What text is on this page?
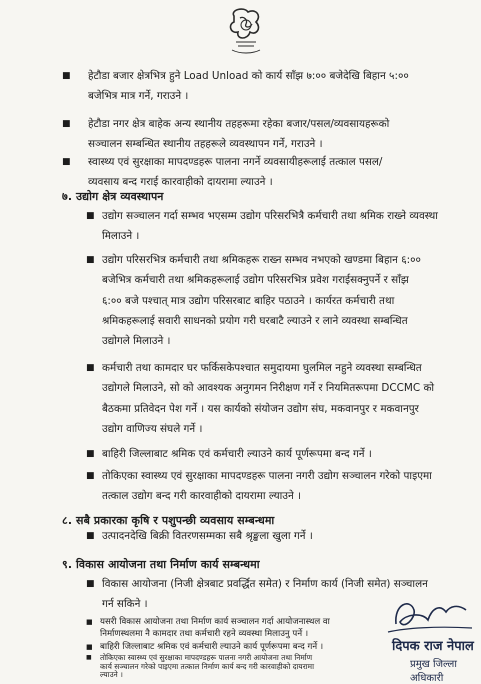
■ हेटौडा बजार क्षेत्रभित्र हुने Load Unload को कार्य साँझ ७:०० बजेदेखि बिहान ५:००
बजेभित्र मात्र गर्ने, गराउने ।
■ हेटौडा नगर क्षेत्र बाहेक अन्य स्थानीय तहहरूमा रहेका बजार/पसल/व्यवसायहरूको
सञ्चालन सम्बन्धित स्थानीय तहहरूले व्यवस्थापन गर्ने, गराउने ।
■ स्वास्थ्य एवं सुरक्षाका मापदण्डहरू पालना नगर्ने व्यवसायीहरूलाई तत्काल पसल/
व्यवसाय बन्द गराई कारवाहीको दायरामा ल्याउने ।
७. उद्योग क्षेत्र व्यवस्थापन
■ उद्योग सञ्चालन गर्दा सम्भव भएसम्म उद्योग परिसरभित्रै कर्मचारी तथा श्रमिक राख्ने व्यवस्था
मिलाउने ।
■ उद्योग परिसरभित्र कर्मचारी तथा श्रमिकहरू राख्न सम्भव नभएको खण्डमा बिहान ६:००
बजेभित्र कर्मचारी तथा श्रमिकहरूलाई उद्योग परिसरभित्र प्रवेश गराईसक्नुपर्ने र साँझ
६:०० बजे पश्चात् मात्र उद्योग परिसरबाट बाहिर पठाउने । कार्यरत कर्मचारी तथा
श्रमिकहरूलाई सवारी साधनको प्रयोग गरी घरबाटै ल्याउने र लाने व्यवस्था सम्बन्धित
उद्योगले मिलाउने ।
■ कर्मचारी तथा कामदार घर फर्किसकेपश्चात समुदायमा घुलमिल नहुने व्यवस्था सम्बन्धित
उद्योगले मिलाउने, सो को आवश्यक अनुगमन निरीक्षण गर्ने र नियमितरूपमा DCCMC को
बैठकमा प्रतिवेदन पेश गर्ने । यस कार्यको संयोजन उद्योग संघ, मकवानपुर र मकवानपुर
उद्योग वाणिज्य संघले गर्ने ।
■ बाहिरी जिल्लाबाट श्रमिक एवं कर्मचारी ल्याउने कार्य पूर्णरूपमा बन्द गर्ने ।
■ तोकिएका स्वास्थ्य एवं सुरक्षाका मापदण्डहरू पालना नगरी उद्योग सञ्चालन गरेको पाइएमा
तत्काल उद्योग बन्द गरी कारवाहीको दायरामा ल्याउने ।
८. सबै प्रकारका कृषि र पशुपन्छी व्यवसाय सम्बन्धमा
■ उत्पादनदेखि बिक्री वितरणसम्मका सबै श्रृङ्खला खुला गर्ने ।
९. विकास आयोजना तथा निर्माण कार्य सम्बन्धमा
■ विकास आयोजना (निजी क्षेत्रबाट प्रवर्द्धित समेत) र निर्माण कार्य (निजी समेत) सञ्चालन
गर्न सकिने ।
■ यसरी विकास आयोजना तथा निर्माण कार्य सञ्चालन गर्दा आयोजनास्थल वा
निर्माणस्थलमा नै कामदार तथा कर्मचारी रहने व्यवस्था मिलाउनु पर्ने ।
■ बाहिरी जिल्लाबाट श्रमिक एवं कर्मचारी ल्याउने कार्य पूर्णरूपमा बन्द गर्ने ।
■ तोकिएका स्वास्थ्य एवं सुरक्षाका मापदण्डहरू पालना नगरी आयोजना तथा निर्माण
कार्य सञ्चालन गरेको पाइएमा तत्काल निर्माण कार्य बन्द गरी कारवाहीको दायरामा
ल्याउने ।
दिपक राज नेपाल
प्रमुख जिल्ला अधिकारी
